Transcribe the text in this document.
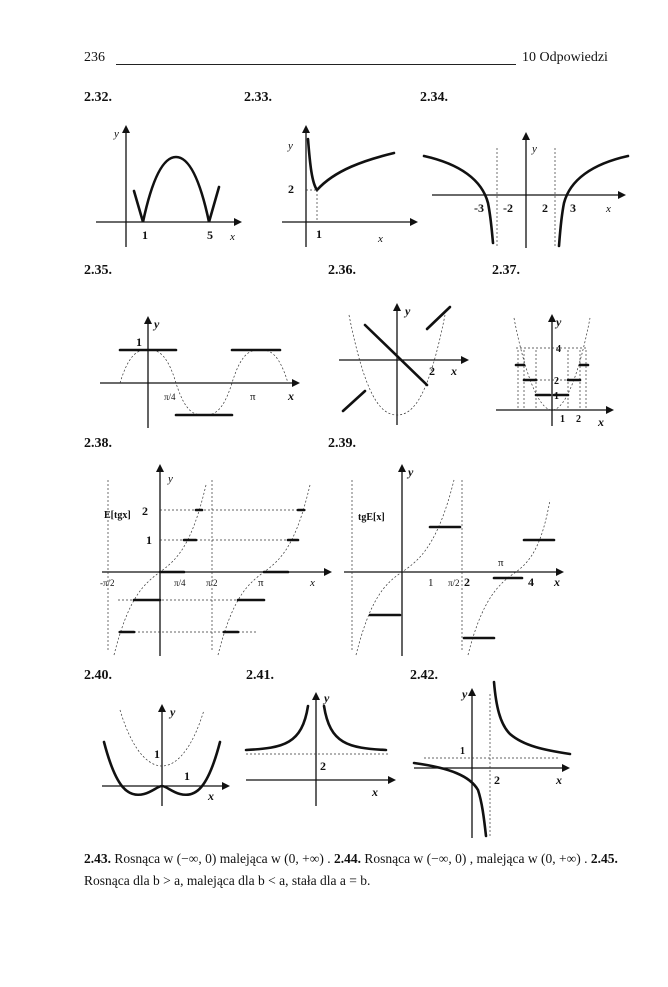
236	10 Odpowiedzi
2.32.	2.33.	2.34.
2.35.	2.36.	2.37.
2.38.	2.39.
2.40.	2.41.	2.42.
y
x
1	5
y
x
2
1
y
x
-3 -2 2 3
y
x
1
π/4	π
y
x
2
y
x
4
2
1
1 2
y
x
E[tgx] 2
1
-π/2	π/4 π/2	π
y
x
tgE[x]
1 π/2 2
π
4
y
x
1
1
y
x
2
y
x
1
2
2.43. Rosnąca w (−∞, 0) malejąca w (0, +∞) . 2.44. Rosnąca w (−∞, 0) , malejąca w (0, +∞) . 2.45. Rosnąca dla b > a, malejąca dla b < a, stała dla a = b.
